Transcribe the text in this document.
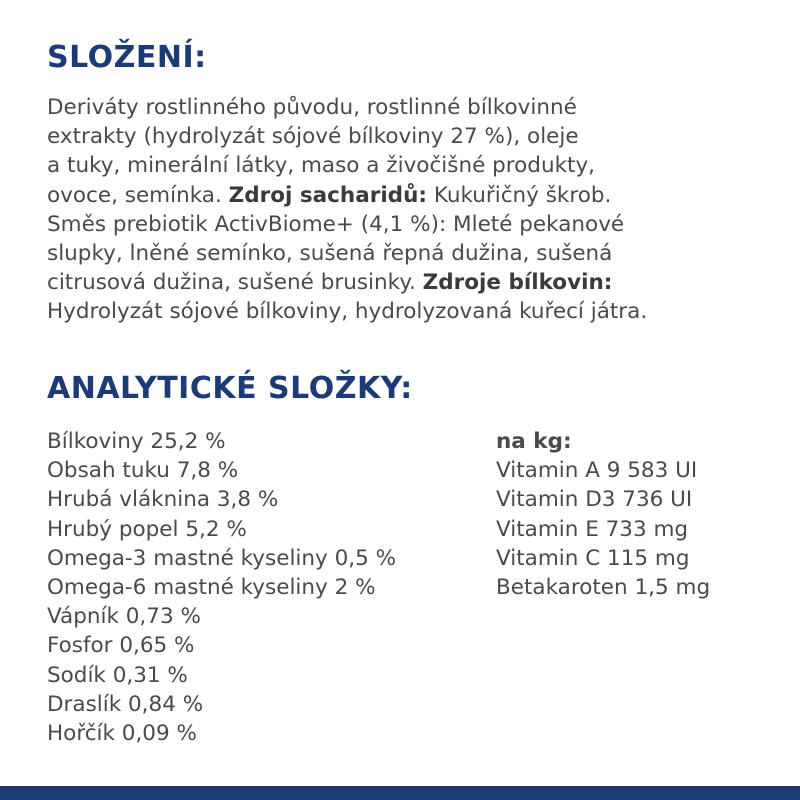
SLOŽENÍ:

Deriváty rostlinného původu, rostlinné bílkovinné
extrakty (hydrolyzát sójové bílkoviny 27 %), oleje
a tuky, minerální látky, maso a živočišné produkty,
ovoce, semínka. Zdroj sacharidů: Kukuřičný škrob.
Směs prebiotik ActivBiome+ (4,1 %): Mleté pekanové
slupky, lněné semínko, sušená řepná dužina, sušená
citrusová dužina, sušené brusinky. Zdroje bílkovin:
Hydrolyzát sójové bílkoviny, hydrolyzovaná kuřecí játra.

ANALYTICKÉ SLOŽKY:
Bílkoviny 25,2 %
Obsah tuku 7,8 %
Hrubá vláknina 3,8 %
Hrubý popel 5,2 %
Omega-3 mastné kyseliny 0,5 %
Omega-6 mastné kyseliny 2 %
Vápník 0,73 %
Fosfor 0,65 %
Sodík 0,31 %
Draslík 0,84 %
Hořčík 0,09 %
na kg:
Vitamin A 9 583 UI
Vitamin D3 736 UI
Vitamin E 733 mg
Vitamin C 115 mg
Betakaroten 1,5 mg
